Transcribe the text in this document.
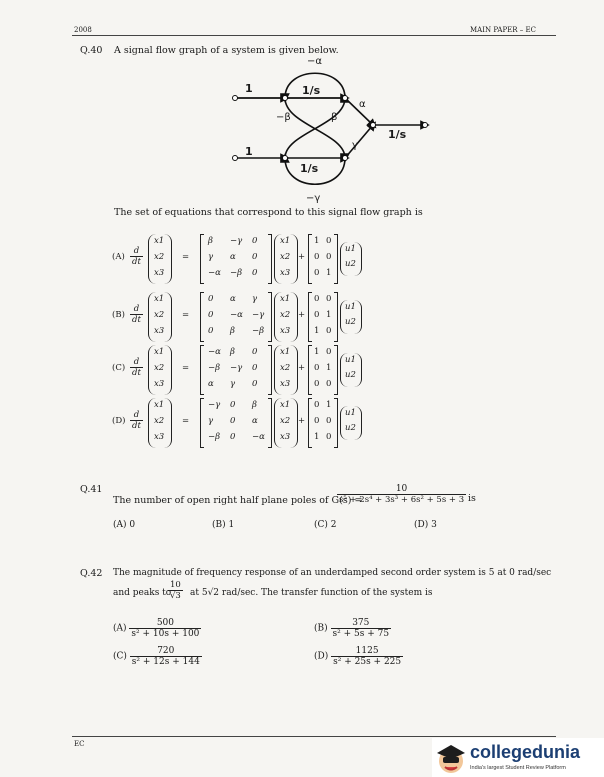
2008	MAIN PAPER – EC
Q.40 A signal flow graph of a system is given below.
−α
1	1/s
α
−β	β
1/s
γ
1
1/s
−γ
The set of equations that correspond to this signal flow graph is
$(A) \frac{d}{dt}$
x1
x2
x3
=
β −γ 0
γ α 0
−α −β 0
x1
x2
x3
+
1 0
0 0
0 1
u1
u2
$(B) \frac{d}{dt}$
x1
x2
x3
=
0 α γ
0 −α −γ
0 β −β
x1
x2
x3
+
0 0
0 1
1 0
u1
u2
$(C) \frac{d}{dt}$
x1
x2
x3
=
−α β 0
−β −γ 0
α γ 0
x1
x2
x3
+
1 0
0 1
0 0
u1
u2
$(D) \frac{d}{dt}$
x1
x2
x3
=
−γ 0 β
γ 0 α
−β 0 −α
x1
x2
x3
+
0 1
0 0
1 0
u1
u2
Q.41
The number of open right half plane poles of G(s) =
$\frac{10}{\text{s⁵ + 2s⁴ + 3s³ + 6s² + 5s + 3}}$ is
(A) 0	(B) 1	(C) 2	(D) 3
Q.42 The magnitude of frequency response of an underdamped second order system is 5 at 0 rad/sec
and peaks to
$\frac{10}{√3}$ at 5√2 rad/sec. The transfer function of the system is
$(A) \frac{500}{\text{s² + 10s + 100}}$	$(B) \frac{375}{\text{s² + 5s + 75}}$
$(C) \frac{720}{\text{s² + 12s + 144}}$	$(D) \frac{1125}{\text{s² + 25s + 225}}$
EC	collegedunia
India's largest Student Review Platform
